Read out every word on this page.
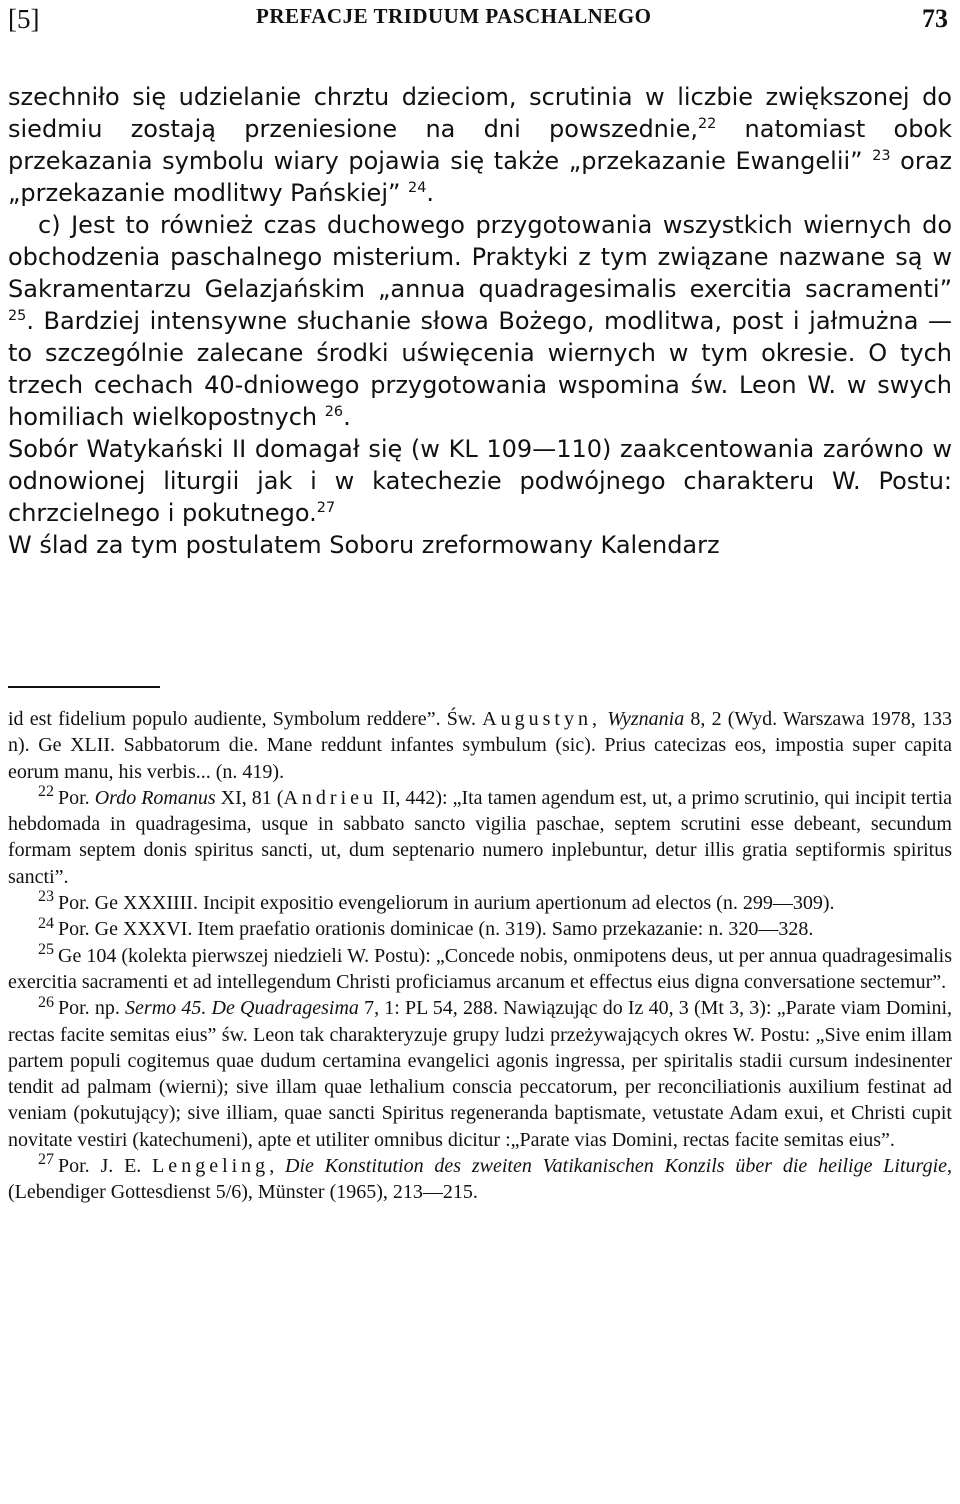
[5]	PREFACJE TRIDUUM PASCHALNEGO	73

szechniło się udzielanie chrztu dzieciom, scrutinia w liczbie zwiększonej do siedmiu zostają przeniesione na dni powszednie,$^{22}$ natomiast obok przekazania symbolu wiary pojawia się także „przekazanie Ewangelii” $^{23}$ oraz „przekazanie modlitwy Pańskiej” $^{24}$.

c) Jest to również czas duchowego przygotowania wszystkich wiernych do obchodzenia paschalnego misterium. Praktyki z tym związane nazwane są w Sakramentarzu Gelazjańskim „annua quadragesimalis exercitia sacramenti” $^{25}$. Bardziej intensywne słuchanie słowa Bożego, modlitwa, post i jałmużna — to szczególnie zalecane środki uświęcenia wiernych w tym okresie. O tych trzech cechach 40-dniowego przygotowania wspomina św. Leon W. w swych homiliach wielkopostnych $^{26}$.

Sobór Watykański II domagał się (w KL 109—110) zaakcentowania zarówno w odnowionej liturgii jak i w katechezie podwójnego charakteru W. Postu: chrzcielnego i pokutnego.$^{27}$

W ślad za tym postulatem Soboru zreformowany Kalendarz

id est fidelium populo audiente, Symbolum reddere”. Św. Augustyn, Wyznania 8, 2 (Wyd. Warszawa 1978, 133 n). Ge XLII. Sabbatorum die. Mane reddunt infantes symbulum (sic). Prius catecizas eos, impostia super capita eorum manu, his verbis... (n. 419).

$^{22}$ Por. Ordo Romanus XI, 81 (Andrieu II, 442): „Ita tamen agendum est, ut, a primo scrutinio, qui incipit tertia hebdomada in quadragesima, usque in sabbato sancto vigilia paschae, septem scrutini esse debeant, secundum formam septem donis spiritus sancti, ut, dum septenario numero inplebuntur, detur illis gratia septiformis spiritus sancti”.

$^{23}$ Por. Ge XXXIIII. Incipit expositio evengeliorum in aurium apertionum ad electos (n. 299—309).

$^{24}$ Por. Ge XXXVI. Item praefatio orationis dominicae (n. 319). Samo przekazanie: n. 320—328.

$^{25}$ Ge 104 (kolekta pierwszej niedzieli W. Postu): „Concede nobis, onmipotens deus, ut per annua quadragesimalis exercitia sacramenti et ad intellegendum Christi proficiamus arcanum et effectus eius digna conversatione sectemur”.

$^{26}$ Por. np. Sermo 45. De Quadragesima 7, 1: PL 54, 288. Nawiązując do Iz 40, 3 (Mt 3, 3): „Parate viam Domini, rectas facite semitas eius” św. Leon tak charakteryzuje grupy ludzi przeżywających okres W. Postu: „Sive enim illam partem populi cogitemus quae dudum certamina evangelici agonis ingressa, per spiritalis stadii cursum indesinenter tendit ad palmam (wierni); sive illam quae lethalium conscia peccatorum, per reconciliationis auxilium festinat ad veniam (pokutujący); sive illiam, quae sancti Spiritus regeneranda baptismate, vetustate Adam exui, et Christi cupit novitate vestiri (katechumeni), apte et utiliter omnibus dicitur :„Parate vias Domini, rectas facite semitas eius”.

$^{27}$ Por. J. E. Lengeling, Die Konstitution des zweiten Vatikanischen Konzils über die heilige Liturgie, (Lebendiger Gottesdienst 5/6), Münster (1965), 213—215.
